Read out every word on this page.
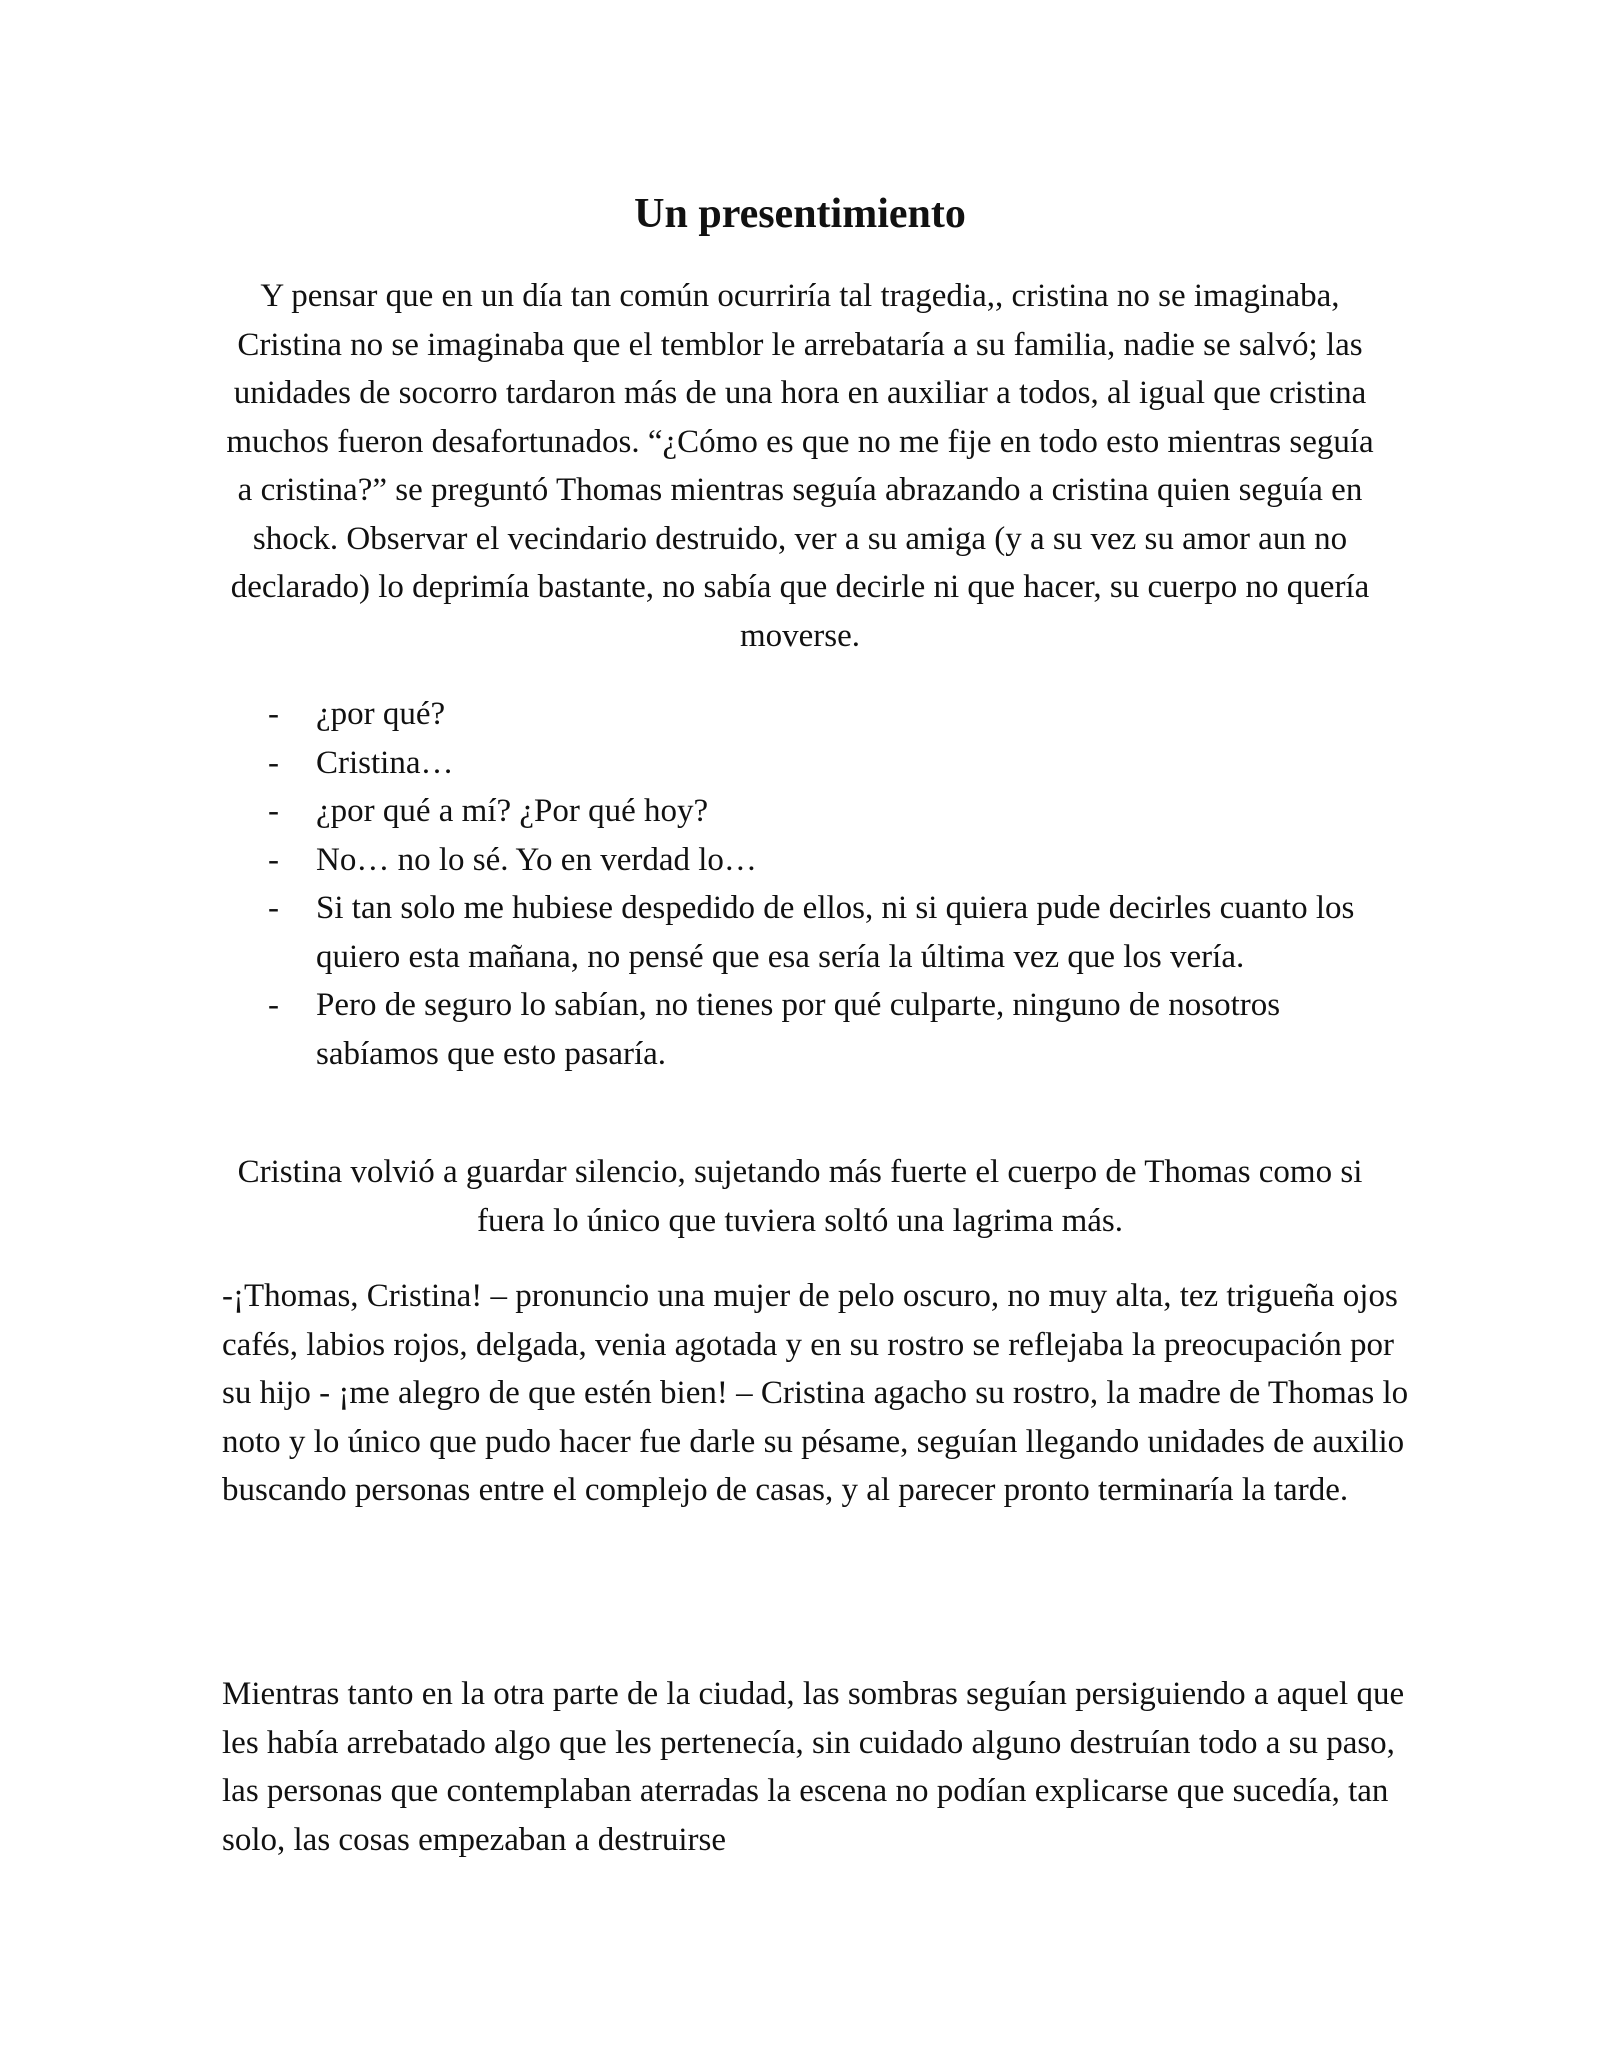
Un presentimiento

Y pensar que en un día tan común ocurriría tal tragedia,, cristina no se imaginaba, Cristina no se imaginaba que el temblor le arrebataría a su familia, nadie se salvó; las unidades de socorro tardaron más de una hora en auxiliar a todos, al igual que cristina muchos fueron desafortunados. “¿Cómo es que no me fije en todo esto mientras seguía a cristina?” se preguntó Thomas mientras seguía abrazando a cristina quien seguía en shock. Observar el vecindario destruido, ver a su amiga (y a su vez su amor aun no declarado) lo deprimía bastante, no sabía que decirle ni que hacer, su cuerpo no quería moverse.

- ¿por qué?
- Cristina…
- ¿por qué a mí? ¿Por qué hoy?
- No… no lo sé. Yo en verdad lo…
- Si tan solo me hubiese despedido de ellos, ni si quiera pude decirles cuanto los quiero esta mañana, no pensé que esa sería la última vez que los vería.
- Pero de seguro lo sabían, no tienes por qué culparte, ninguno de nosotros sabíamos que esto pasaría.

Cristina volvió a guardar silencio, sujetando más fuerte el cuerpo de Thomas como si fuera lo único que tuviera soltó una lagrima más.

-¡Thomas, Cristina! – pronuncio una mujer de pelo oscuro, no muy alta, tez trigueña ojos cafés, labios rojos, delgada, venia agotada y en su rostro se reflejaba la preocupación por su hijo - ¡me alegro de que estén bien! – Cristina agacho su rostro, la madre de Thomas lo noto y lo único que pudo hacer fue darle su pésame, seguían llegando unidades de auxilio buscando personas entre el complejo de casas, y al parecer pronto terminaría la tarde.

Mientras tanto en la otra parte de la ciudad, las sombras seguían persiguiendo a aquel que les había arrebatado algo que les pertenecía, sin cuidado alguno destruían todo a su paso, las personas que contemplaban aterradas la escena no podían explicarse que sucedía, tan solo, las cosas empezaban a destruirse
